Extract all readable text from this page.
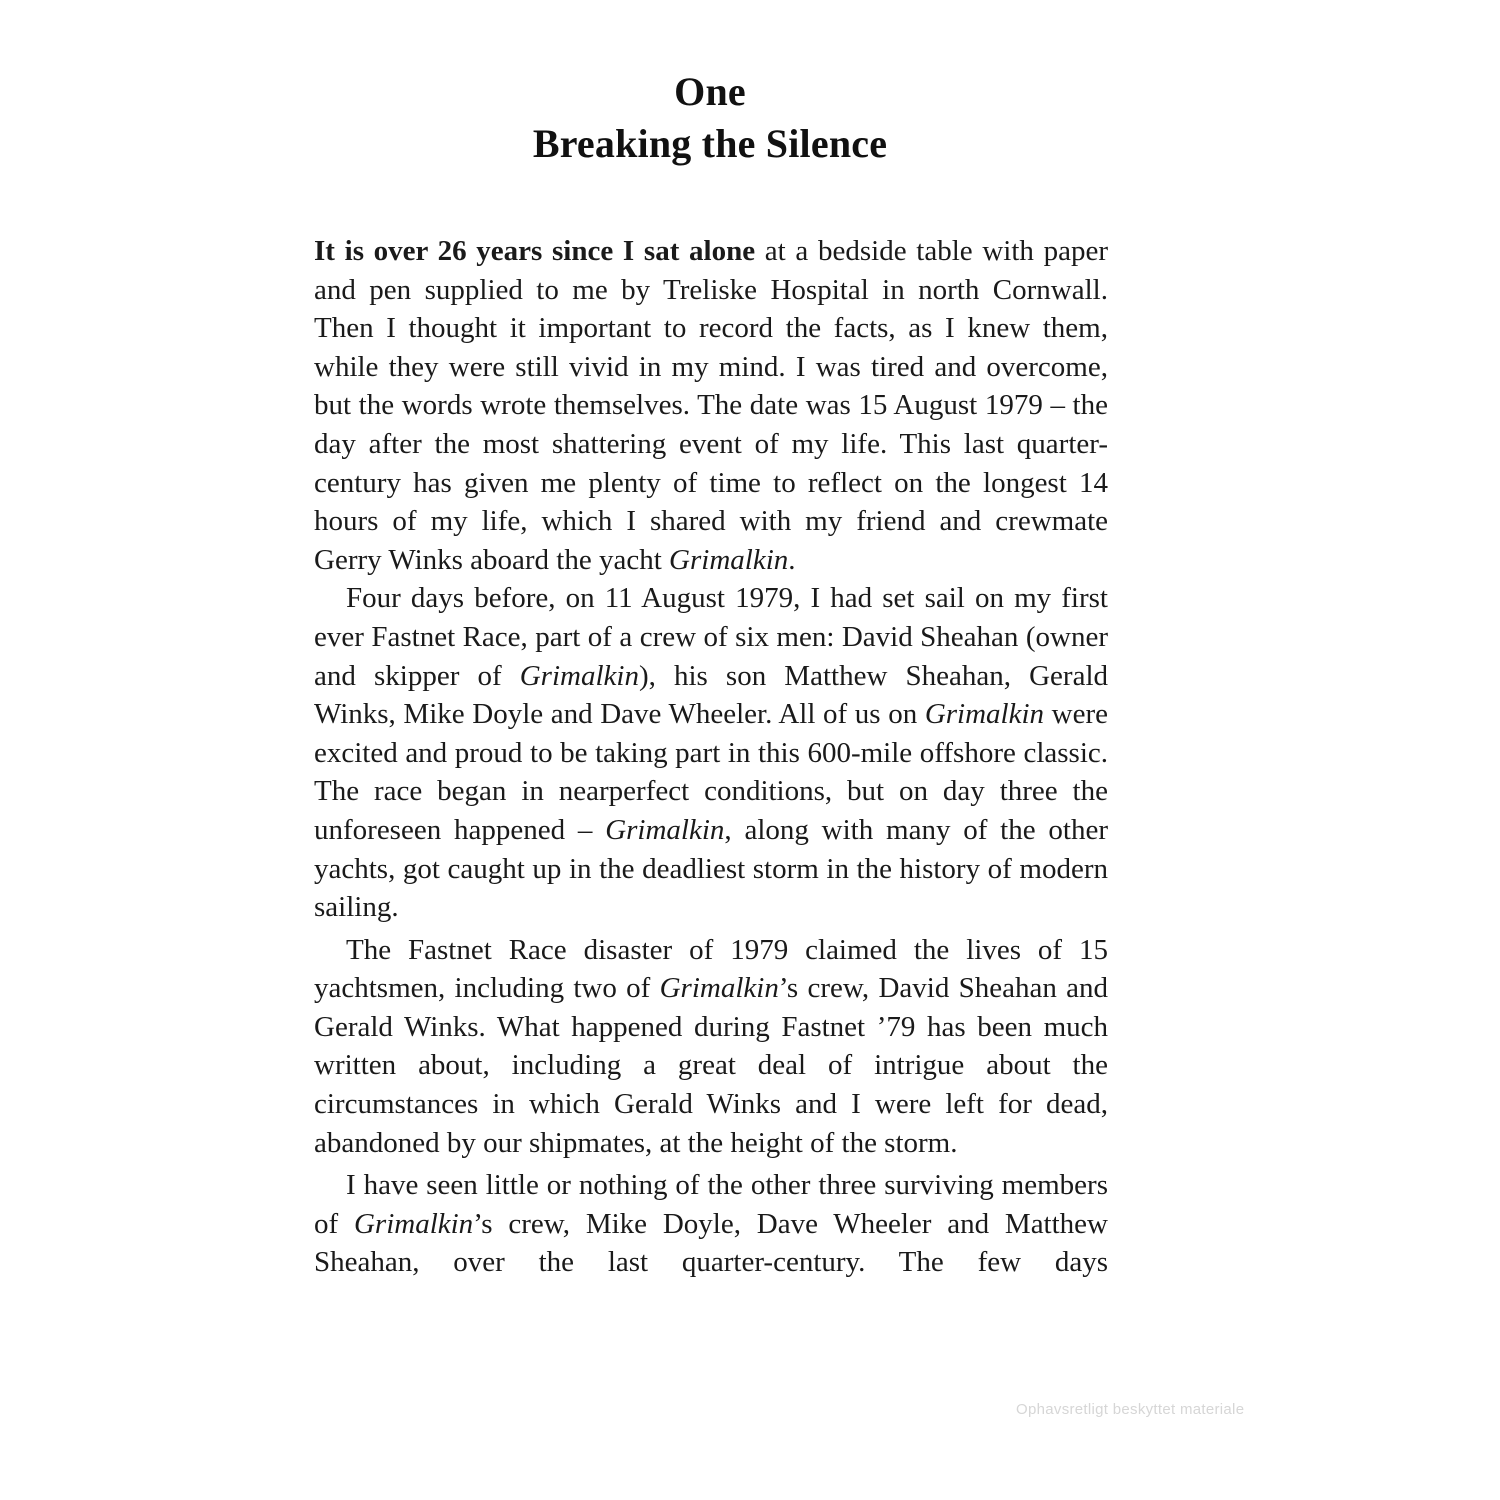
One
Breaking the Silence

It is over 26 years since I sat alone at a bedside table with paper and pen supplied to me by Treliske Hospital in north Cornwall. Then I thought it important to record the facts, as I knew them, while they were still vivid in my mind. I was tired and overcome, but the words wrote themselves. The date was 15 August 1979 – the day after the most shattering event of my life. This last quarter-century has given me plenty of time to reflect on the longest 14 hours of my life, which I shared with my friend and crewmate Gerry Winks aboard the yacht Grimalkin.

Four days before, on 11 August 1979, I had set sail on my first ever Fastnet Race, part of a crew of six men: David Sheahan (owner and skipper of Grimalkin), his son Matthew Sheahan, Gerald Winks, Mike Doyle and Dave Wheeler. All of us on Grimalkin were excited and proud to be taking part in this 600-mile offshore classic. The race began in nearperfect conditions, but on day three the unforeseen happened – Grimalkin, along with many of the other yachts, got caught up in the deadliest storm in the history of modern sailing.

The Fastnet Race disaster of 1979 claimed the lives of 15 yachtsmen, including two of Grimalkin’s crew, David Sheahan and Gerald Winks. What happened during Fastnet ’79 has been much written about, including a great deal of intrigue about the circumstances in which Gerald Winks and I were left for dead, abandoned by our shipmates, at the height of the storm.

I have seen little or nothing of the other three surviving members of Grimalkin’s crew, Mike Doyle, Dave Wheeler and Matthew Sheahan, over the last quarter-century. The few days

Ophavsretligt beskyttet materiale
